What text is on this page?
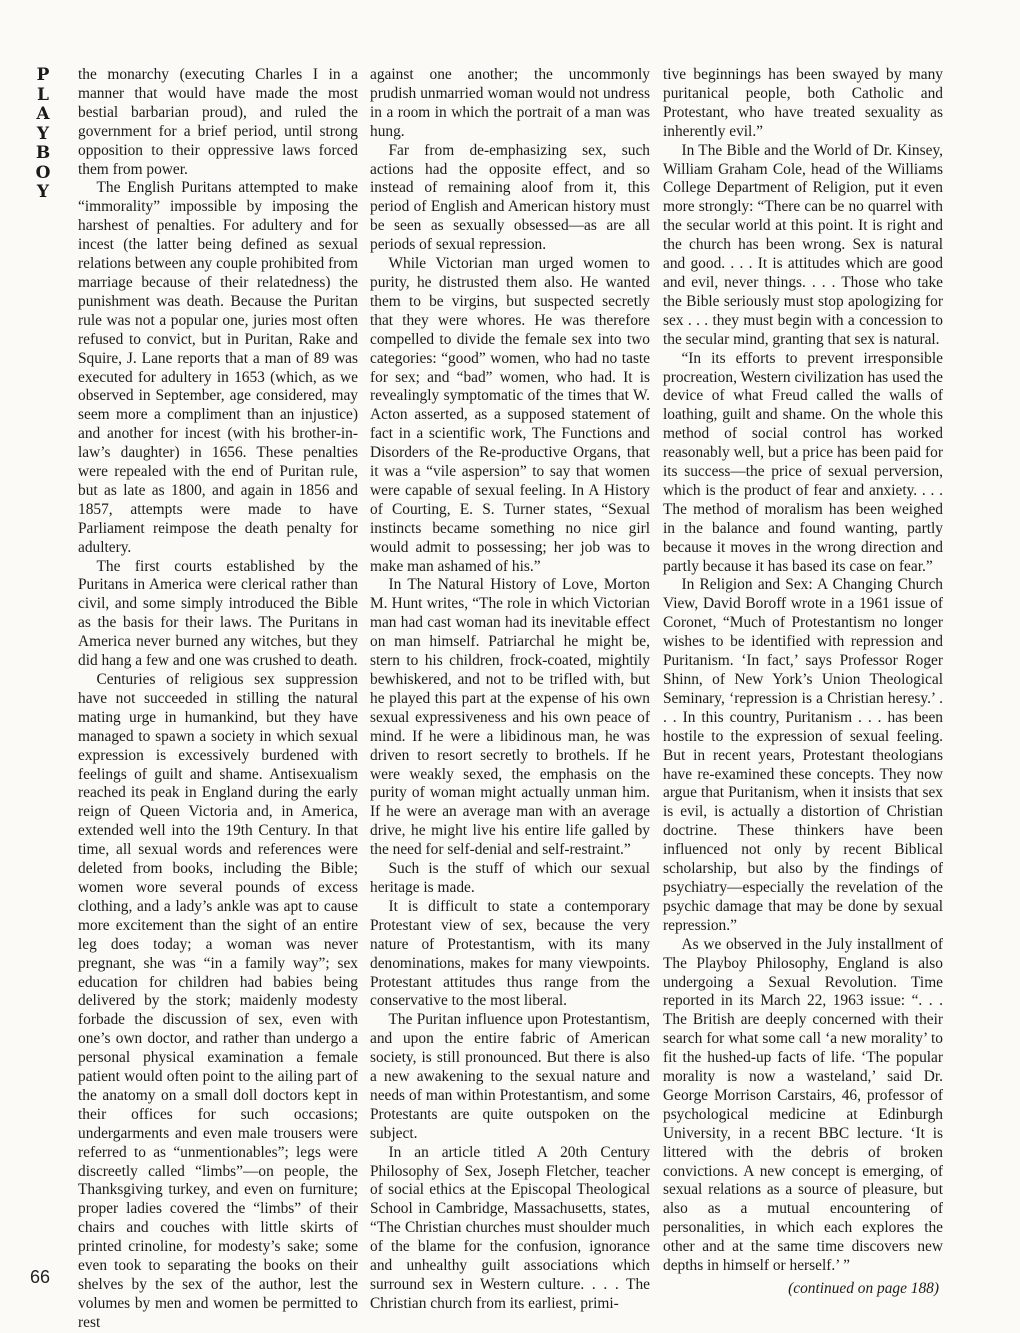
P
L
A
Y
B
O
Y
66

the monarchy (executing Charles I in a manner that would have made the most bestial barbarian proud), and ruled the government for a brief period, until strong opposition to their oppressive laws forced them from power.

The English Puritans attempted to make “immorality” impossible by imposing the harshest of penalties. For adultery and for incest (the latter being defined as sexual relations between any couple prohibited from marriage because of their relatedness) the punishment was death. Because the Puritan rule was not a popular one, juries most often refused to convict, but in Puritan, Rake and Squire, J. Lane reports that a man of 89 was executed for adultery in 1653 (which, as we observed in September, age considered, may seem more a compliment than an injustice) and another for incest (with his brother-in-law’s daughter) in 1656. These penalties were repealed with the end of Puritan rule, but as late as 1800, and again in 1856 and 1857, attempts were made to have Parliament reimpose the death penalty for adultery.

The first courts established by the Puritans in America were clerical rather than civil, and some simply introduced the Bible as the basis for their laws. The Puritans in America never burned any witches, but they did hang a few and one was crushed to death.

Centuries of religious sex suppression have not succeeded in stilling the natural mating urge in humankind, but they have managed to spawn a society in which sexual expression is excessively burdened with feelings of guilt and shame. Antisexualism reached its peak in England during the early reign of Queen Victoria and, in America, extended well into the 19th Century. In that time, all sexual words and references were deleted from books, including the Bible; women wore several pounds of excess clothing, and a lady’s ankle was apt to cause more excitement than the sight of an entire leg does today; a woman was never pregnant, she was “in a family way”; sex education for children had babies being delivered by the stork; maidenly modesty forbade the discussion of sex, even with one’s own doctor, and rather than undergo a personal physical examination a female patient would often point to the ailing part of the anatomy on a small doll doctors kept in their offices for such occasions; undergarments and even male trousers were referred to as “unmentionables”; legs were discreetly called “limbs”—on people, the Thanksgiving turkey, and even on furniture; proper ladies covered the “limbs” of their chairs and couches with little skirts of printed crinoline, for modesty’s sake; some even took to separating the books on their shelves by the sex of the author, lest the volumes by men and women be permitted to rest

against one another; the uncommonly prudish unmarried woman would not undress in a room in which the portrait of a man was hung.

Far from de-emphasizing sex, such actions had the opposite effect, and so instead of remaining aloof from it, this period of English and American history must be seen as sexually obsessed—as are all periods of sexual repression.

While Victorian man urged women to purity, he distrusted them also. He wanted them to be virgins, but suspected secretly that they were whores. He was therefore compelled to divide the female sex into two categories: “good” women, who had no taste for sex; and “bad” women, who had. It is revealingly symptomatic of the times that W. Acton asserted, as a supposed statement of fact in a scientific work, The Functions and Disorders of the Re-productive Organs, that it was a “vile aspersion” to say that women were capable of sexual feeling. In A History of Courting, E. S. Turner states, “Sexual instincts became something no nice girl would admit to possessing; her job was to make man ashamed of his.”

In The Natural History of Love, Morton M. Hunt writes, “The role in which Victorian man had cast woman had its inevitable effect on man himself. Patriarchal he might be, stern to his children, frock-coated, mightily bewhiskered, and not to be trifled with, but he played this part at the expense of his own sexual expressiveness and his own peace of mind. If he were a libidinous man, he was driven to resort secretly to brothels. If he were weakly sexed, the emphasis on the purity of woman might actually unman him. If he were an average man with an average drive, he might live his entire life galled by the need for self-denial and self-restraint.”

Such is the stuff of which our sexual heritage is made.

It is difficult to state a contemporary Protestant view of sex, because the very nature of Protestantism, with its many denominations, makes for many viewpoints. Protestant attitudes thus range from the conservative to the most liberal.

The Puritan influence upon Protestantism, and upon the entire fabric of American society, is still pronounced. But there is also a new awakening to the sexual nature and needs of man within Protestantism, and some Protestants are quite outspoken on the subject.

In an article titled A 20th Century Philosophy of Sex, Joseph Fletcher, teacher of social ethics at the Episcopal Theological School in Cambridge, Massachusetts, states, “The Christian churches must shoulder much of the blame for the confusion, ignorance and unhealthy guilt associations which surround sex in Western culture. . . . The Christian church from its earliest, primi-

tive beginnings has been swayed by many puritanical people, both Catholic and Protestant, who have treated sexuality as inherently evil.”

In The Bible and the World of Dr. Kinsey, William Graham Cole, head of the Williams College Department of Religion, put it even more strongly: “There can be no quarrel with the secular world at this point. It is right and the church has been wrong. Sex is natural and good. . . . It is attitudes which are good and evil, never things. . . . Those who take the Bible seriously must stop apologizing for sex . . . they must begin with a concession to the secular mind, granting that sex is natural.

“In its efforts to prevent irresponsible procreation, Western civilization has used the device of what Freud called the walls of loathing, guilt and shame. On the whole this method of social control has worked reasonably well, but a price has been paid for its success—the price of sexual perversion, which is the product of fear and anxiety. . . . The method of moralism has been weighed in the balance and found wanting, partly because it moves in the wrong direction and partly because it has based its case on fear.”

In Religion and Sex: A Changing Church View, David Boroff wrote in a 1961 issue of Coronet, “Much of Protestantism no longer wishes to be identified with repression and Puritanism. ‘In fact,’ says Professor Roger Shinn, of New York’s Union Theological Seminary, ‘repression is a Christian heresy.’ . . . In this country, Puritanism . . . has been hostile to the expression of sexual feeling. But in recent years, Protestant theologians have re-examined these concepts. They now argue that Puritanism, when it insists that sex is evil, is actually a distortion of Christian doctrine. These thinkers have been influenced not only by recent Biblical scholarship, but also by the findings of psychiatry—especially the revelation of the psychic damage that may be done by sexual repression.”

As we observed in the July installment of The Playboy Philosophy, England is also undergoing a Sexual Revolution. Time reported in its March 22, 1963 issue: “. . . The British are deeply concerned with their search for what some call ‘a new morality’ to fit the hushed-up facts of life. ‘The popular morality is now a wasteland,’ said Dr. George Morrison Carstairs, 46, professor of psychological medicine at Edinburgh University, in a recent BBC lecture. ‘It is littered with the debris of broken convictions. A new concept is emerging, of sexual relations as a source of pleasure, but also as a mutual encountering of personalities, in which each explores the other and at the same time discovers new depths in himself or herself.’ ”

(continued on page 188)
